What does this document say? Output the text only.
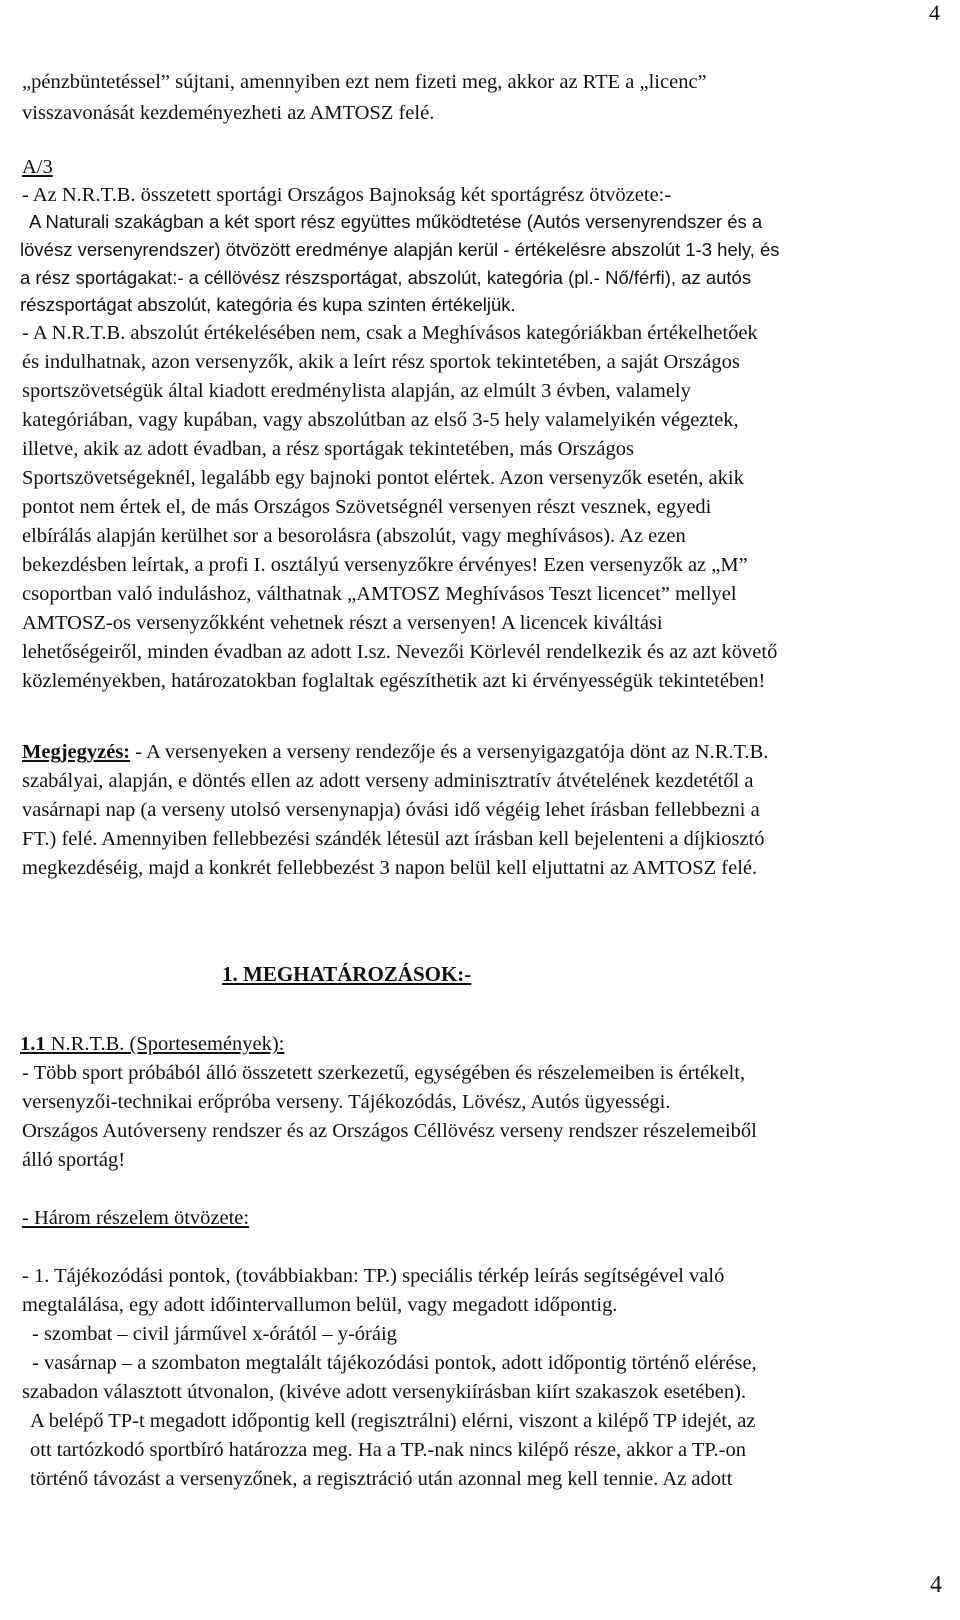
4
„pénzbüntetéssel” sújtani, amennyiben ezt nem fizeti meg, akkor az RTE a „licenc”
visszavonását kezdeményezheti az AMTOSZ felé.
A/3
- Az N.R.T.B. összetett sportági Országos Bajnokság két sportágrész ötvözete:-
A Naturali szakágban a két sport rész együttes működtetése (Autós versenyrendszer és a
lövész versenyrendszer) ötvözött eredménye alapján kerül - értékelésre abszolút 1-3 hely, és
a rész sportágakat:- a céllövész részsportágat, abszolút, kategória (pl.- Nő/férfi), az autós
részsportágat abszolút, kategória és kupa szinten értékeljük.
- A N.R.T.B. abszolút értékelésében nem, csak a Meghívásos kategóriákban értékelhetőek
és indulhatnak, azon versenyzők, akik a leírt rész sportok tekintetében, a saját Országos
sportszövetségük által kiadott eredménylista alapján, az elmúlt 3 évben, valamely
kategóriában, vagy kupában, vagy abszolútban az első 3-5 hely valamelyikén végeztek,
illetve, akik az adott évadban, a rész sportágak tekintetében, más Országos
Sportszövetségeknél, legalább egy bajnoki pontot elértek. Azon versenyzők esetén, akik
pontot nem értek el, de más Országos Szövetségnél versenyen részt vesznek, egyedi
elbírálás alapján kerülhet sor a besorolásra (abszolút, vagy meghívásos). Az ezen
bekezdésben leírtak, a profi I. osztályú versenyzőkre érvényes! Ezen versenyzők az „M”
csoportban való induláshoz, válthatnak „AMTOSZ Meghívásos Teszt licencet” mellyel
AMTOSZ-os versenyzőkként vehetnek részt a versenyen! A licencek kiváltási
lehetőségeiről, minden évadban az adott I.sz. Nevezői Körlevél rendelkezik és az azt követő
közleményekben, határozatokban foglaltak egészíthetik azt ki érvényességük tekintetében!
Megjegyzés: - A versenyeken a verseny rendezője és a versenyigazgatója dönt az N.R.T.B.
szabályai, alapján, e döntés ellen az adott verseny adminisztratív átvételének kezdetétől a
vasárnapi nap (a verseny utolsó versenynapja) óvási idő végéig lehet írásban fellebbezni a
FT.) felé. Amennyiben fellebbezési szándék létesül azt írásban kell bejelenteni a díjkiosztó
megkezdéséig, majd a konkrét fellebbezést 3 napon belül kell eljuttatni az AMTOSZ felé.
1. MEGHATÁROZÁSOK:-
1.1 N.R.T.B. (Sportesemények):
- Több sport próbából álló összetett szerkezetű, egységében és részelemeiben is értékelt,
versenyzői-technikai erőpróba verseny. Tájékozódás, Lövész, Autós ügyességi.
Országos Autóverseny rendszer és az Országos Céllövész verseny rendszer részelemeiből
álló sportág!
- Három részelem ötvözete:
- 1. Tájékozódási pontok, (továbbiakban: TP.) speciális térkép leírás segítségével való
megtalálása, egy adott időintervallumon belül, vagy megadott időpontig.
- szombat – civil járművel x-órától – y-óráig
- vasárnap – a szombaton megtalált tájékozódási pontok, adott időpontig történő elérése,
szabadon választott útvonalon, (kivéve adott versenykiírásban kiírt szakaszok esetében).
A belépő TP-t megadott időpontig kell (regisztrálni) elérni, viszont a kilépő TP idejét, az
ott tartózkodó sportbíró határozza meg. Ha a TP.-nak nincs kilépő része, akkor a TP.-on
történő távozást a versenyzőnek, a regisztráció után azonnal meg kell tennie. Az adott
4
